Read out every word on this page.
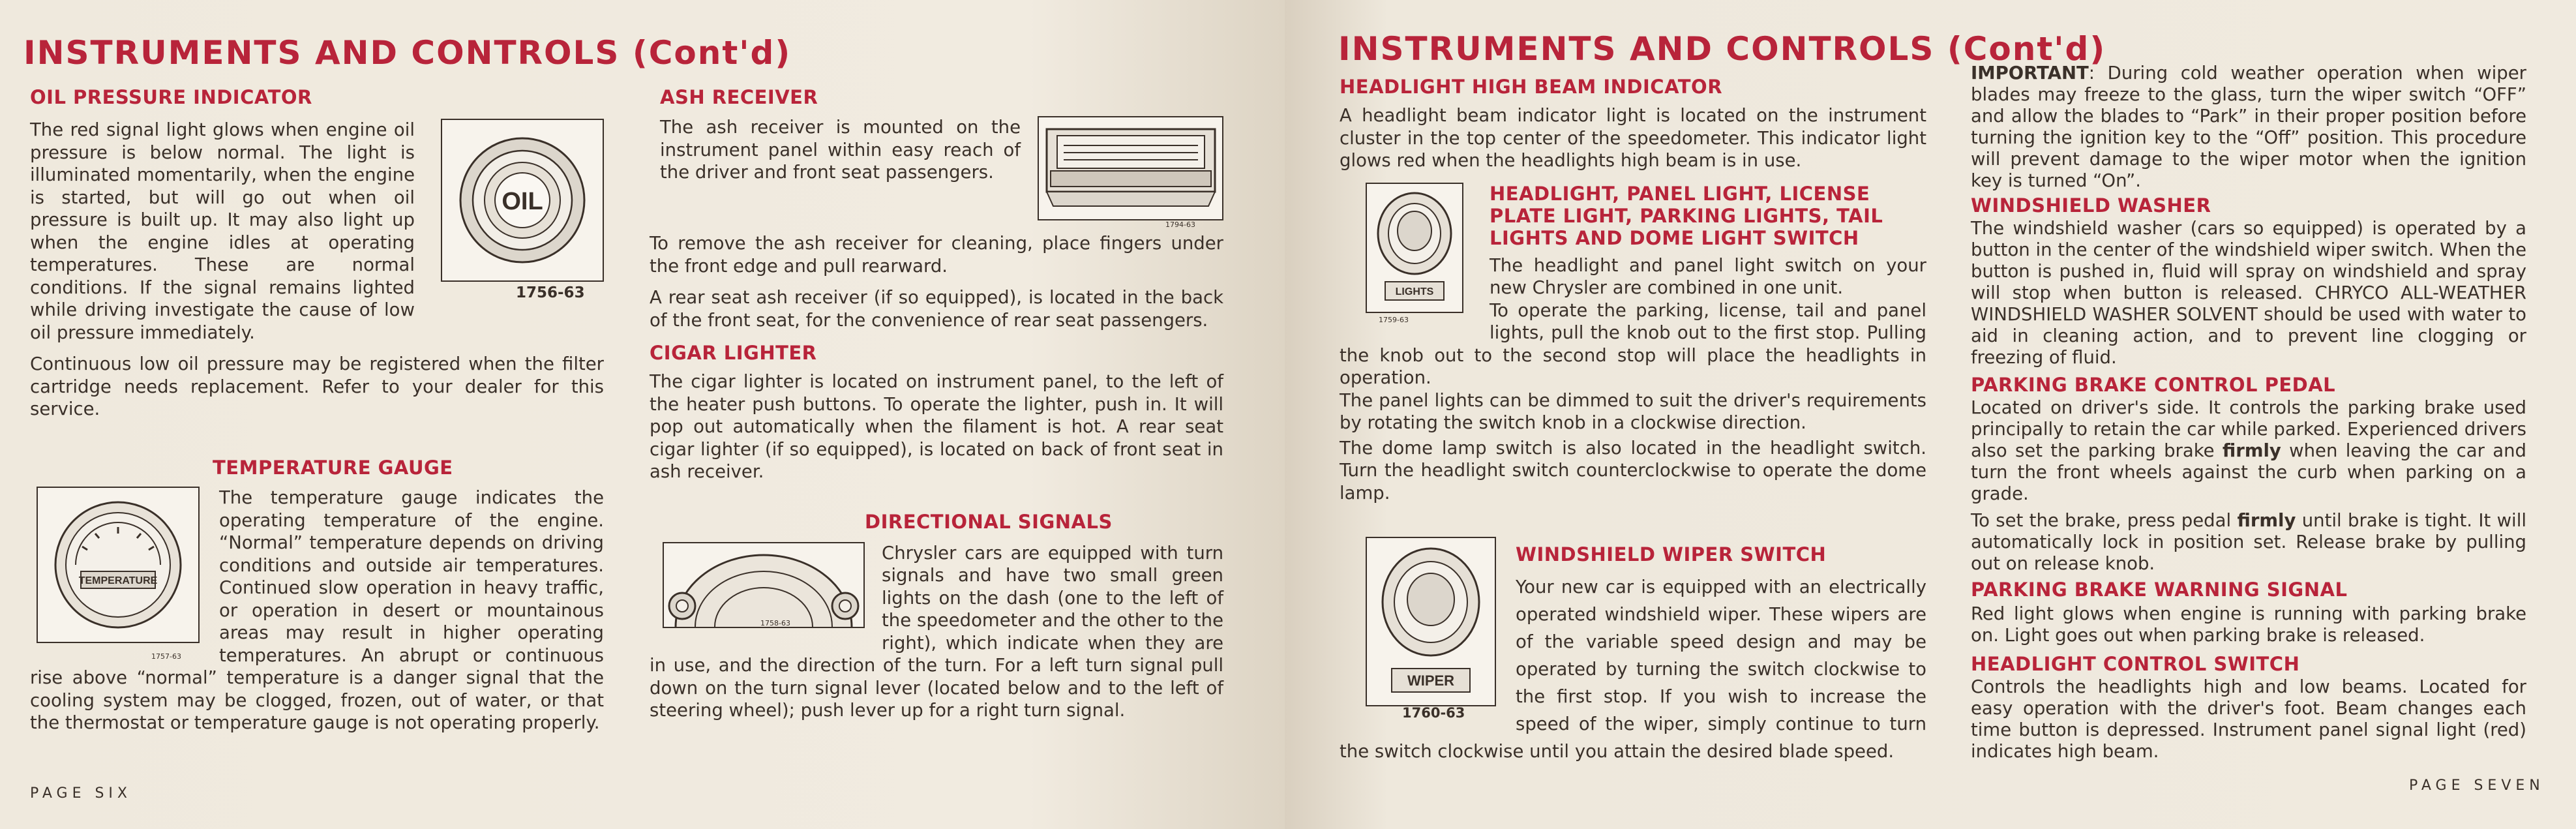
INSTRUMENTS AND CONTROLS (Cont'd)
OIL PRESSURE INDICATOR
OIL
1756-63

The red signal light glows when engine oil pressure is below normal. The light is illuminated momentarily, when the engine is started, but will go out when oil pressure is built up. It may also light up when the engine idles at operating temperatures. These are normal conditions. If the signal remains lighted while driving investigate the cause of low oil pressure immediately.

Continuous low oil pressure may be registered when the filter cartridge needs replacement. Refer to your dealer for this service.

TEMPERATURE GAUGE
TEMPERATURE
1757-63

The temperature gauge indicates the operating temperature of the engine. “Normal” temperature depends on driving conditions and outside air temperatures. Continued slow operation in heavy traffic, or operation in desert or mountainous areas may result in higher operating temperatures. An abrupt or continuous rise above “normal” temperature is a danger signal that the cooling system may be clogged, frozen, out of water, or that the thermostat or temperature gauge is not operating properly.

ASH RECEIVER
1794-63

The ash receiver is mounted on the instrument panel within easy reach of the driver and front seat passengers.

To remove the ash receiver for cleaning, place fingers under the front edge and pull rearward.

A rear seat ash receiver (if so equipped), is located in the back of the front seat, for the convenience of rear seat passengers.

CIGAR LIGHTER

The cigar lighter is located on instrument panel, to the left of the heater push buttons. To operate the lighter, push in. It will pop out automatically when the filament is hot. A rear seat cigar lighter (if so equipped), is located on back of front seat in ash receiver.

DIRECTIONAL SIGNALS
1758-63

Chrysler cars are equipped with turn signals and have two small green lights on the dash (one to the left of the speedometer and the other to the right), which indicate when they are in use, and the direction of the turn. For a left turn signal pull down on the turn signal lever (located below and to the left of steering wheel); push lever up for a right turn signal.

PAGE SIX
INSTRUMENTS AND CONTROLS (Cont'd)
HEADLIGHT HIGH BEAM INDICATOR

A headlight beam indicator light is located on the instrument cluster in the top center of the speedometer. This indicator light glows red when the headlights high beam is in use.

LIGHTS
1759-63
HEADLIGHT, PANEL LIGHT, LICENSE PLATE LIGHT, PARKING LIGHTS, TAIL LIGHTS AND DOME LIGHT SWITCH

The headlight and panel light switch on your new Chrysler are combined in one unit.

To operate the parking, license, tail and panel lights, pull the knob out to the first stop. Pulling the knob out to the second stop will place the headlights in operation.

The panel lights can be dimmed to suit the driver's requirements by rotating the switch knob in a clockwise direction.

The dome lamp switch is also located in the headlight switch. Turn the headlight switch counterclockwise to operate the dome lamp.

WIPER
1760-63
WINDSHIELD WIPER SWITCH

Your new car is equipped with an electrically operated windshield wiper. These wipers are of the variable speed design and may be operated by turning the switch clockwise to the first stop. If you wish to increase the speed of the wiper, simply continue to turn the switch clockwise until you attain the desired blade speed.

IMPORTANT: During cold weather operation when wiper blades may freeze to the glass, turn the wiper switch “OFF” and allow the blades to “Park” in their proper position before turning the ignition key to the “Off” position. This procedure will prevent damage to the wiper motor when the ignition key is turned “On”.

WINDSHIELD WASHER

The windshield washer (cars so equipped) is operated by a button in the center of the windshield wiper switch. When the button is pushed in, fluid will spray on windshield and spray will stop when button is released. CHRYCO ALL-WEATHER WINDSHIELD WASHER SOLVENT should be used with water to aid in cleaning action, and to prevent line clogging or freezing of fluid.

PARKING BRAKE CONTROL PEDAL

Located on driver's side. It controls the parking brake used principally to retain the car while parked. Experienced drivers also set the parking brake firmly when leaving the car and turn the front wheels against the curb when parking on a grade.

To set the brake, press pedal firmly until brake is tight. It will automatically lock in position set. Release brake by pulling out on release knob.

PARKING BRAKE WARNING SIGNAL

Red light glows when engine is running with parking brake on. Light goes out when parking brake is released.

HEADLIGHT CONTROL SWITCH

Controls the headlights high and low beams. Located for easy operation with the driver's foot. Beam changes each time button is depressed. Instrument panel signal light (red) indicates high beam.

PAGE SEVEN
